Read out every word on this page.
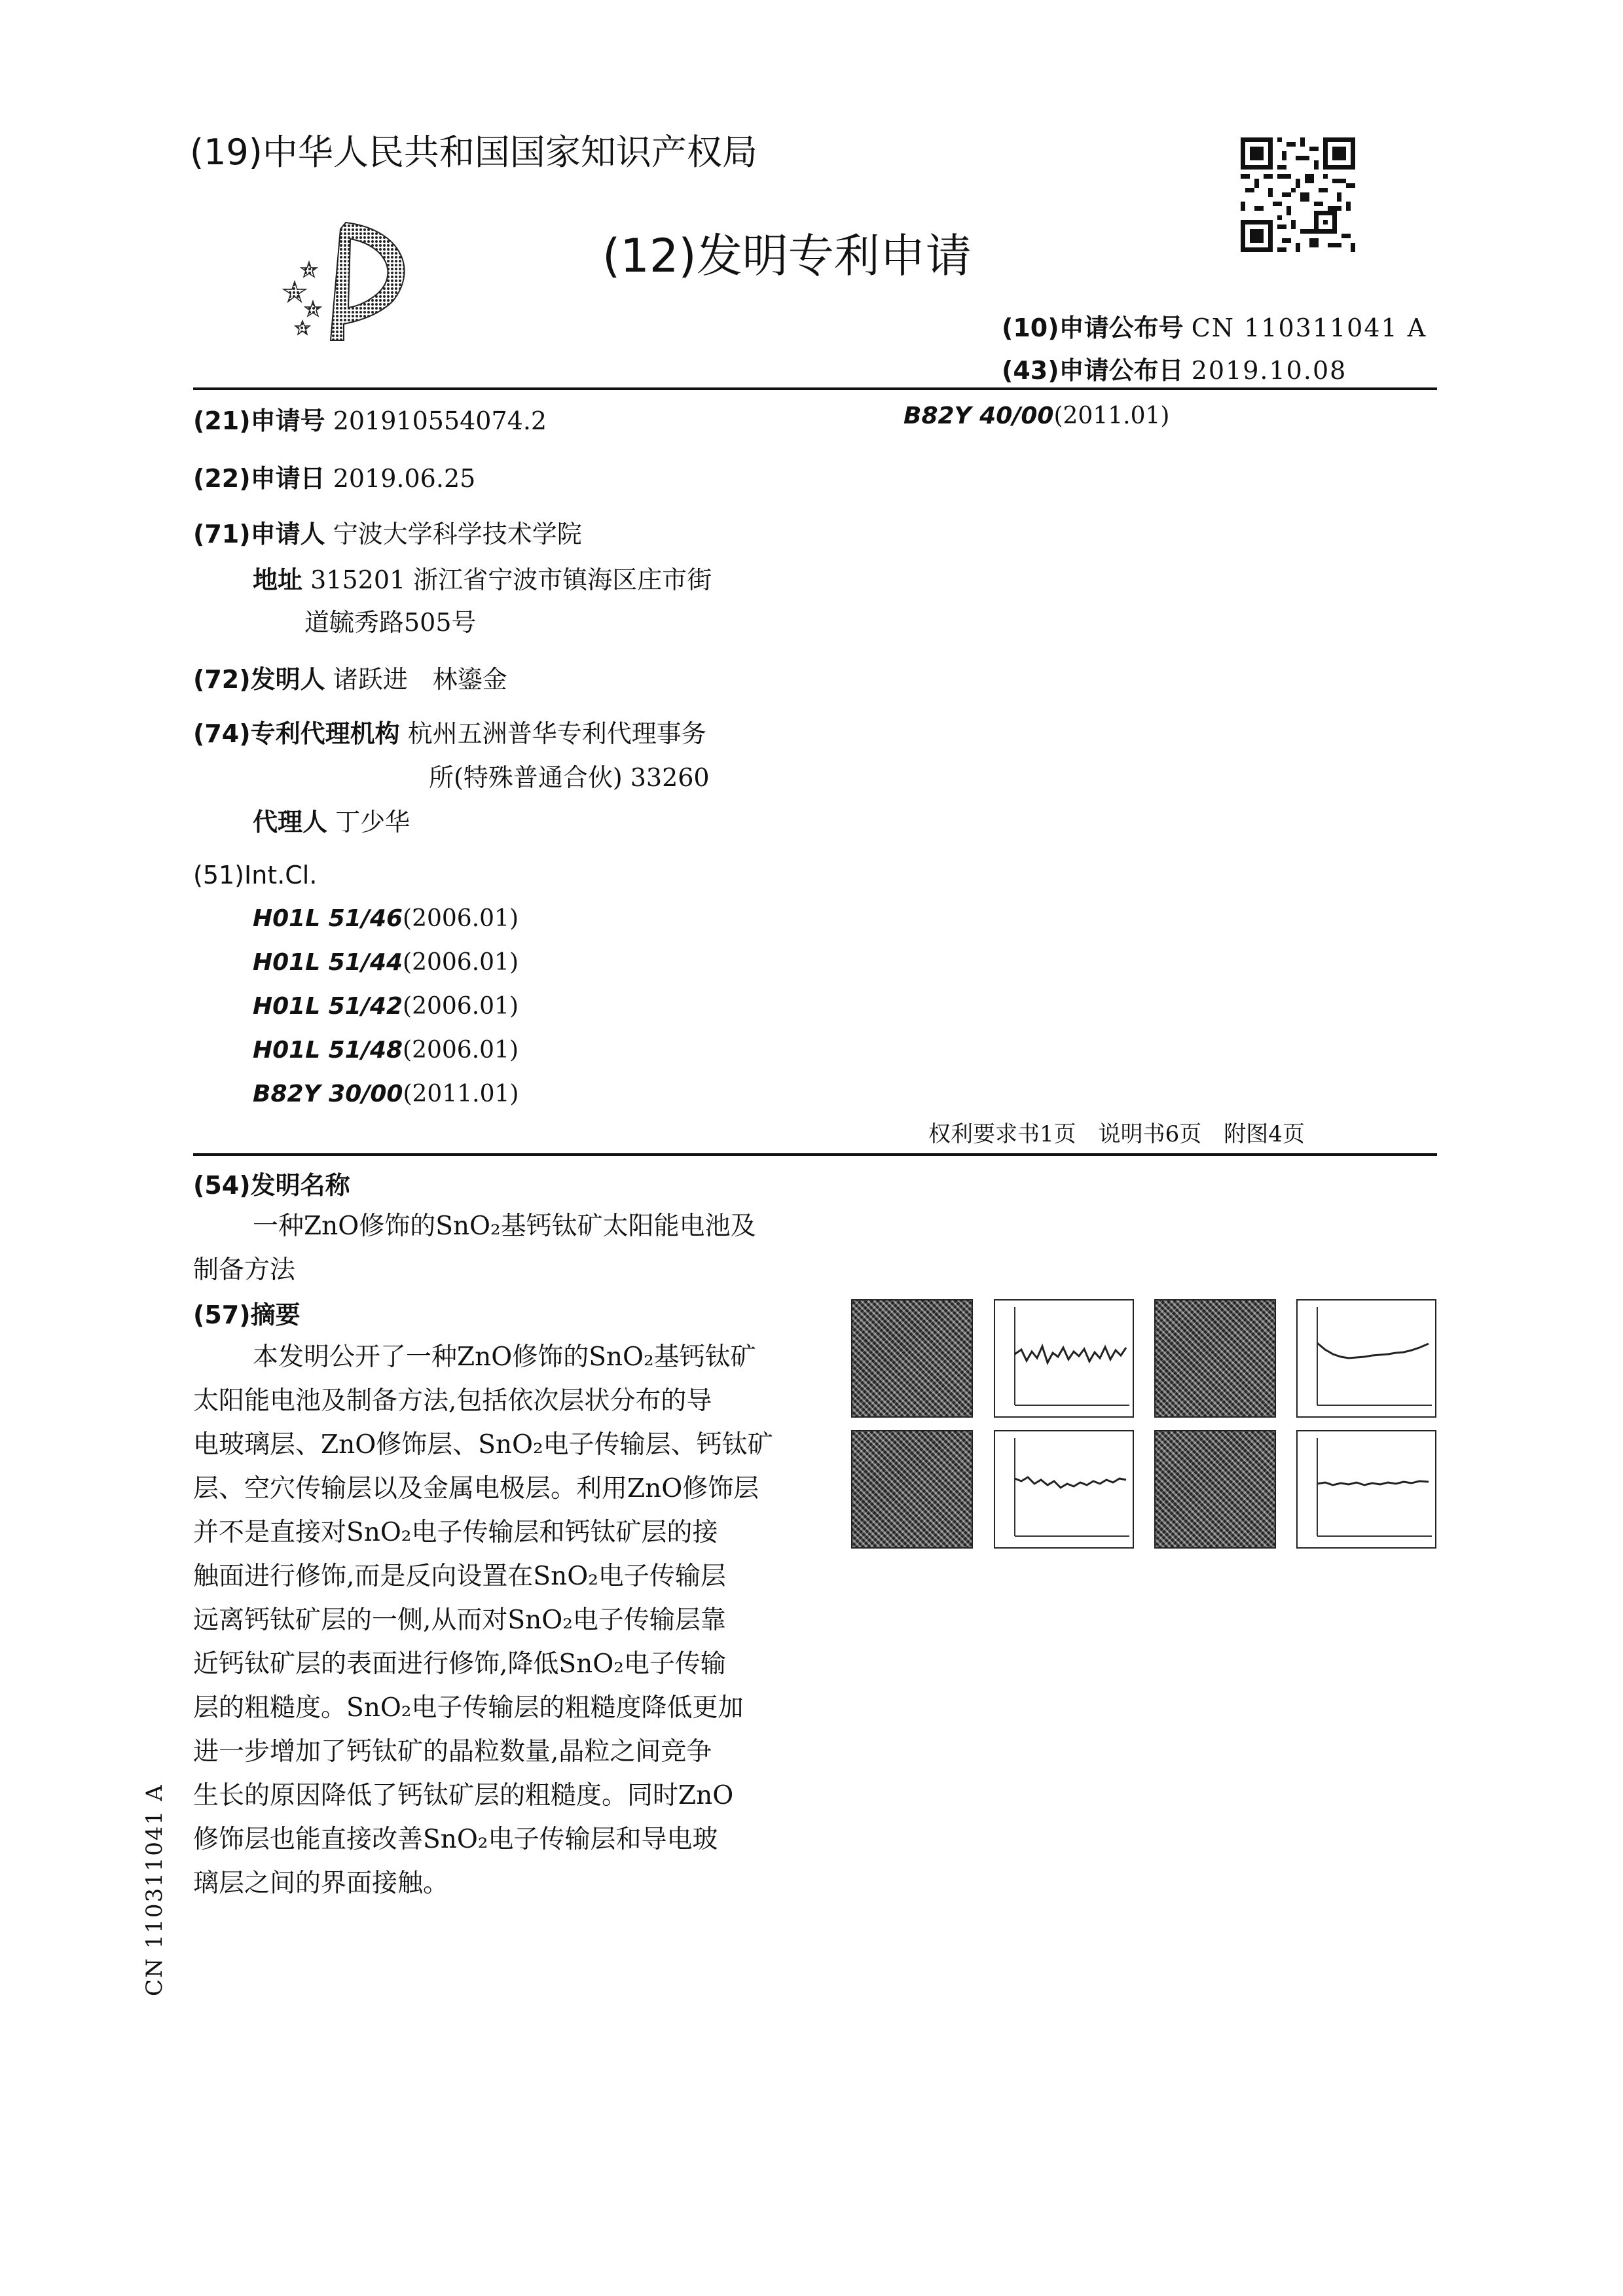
(19)中华人民共和国国家知识产权局
(12)发明专利申请
(10)申请公布号 CN 110311041 A
(43)申请公布日 2019.10.08
(21)申请号 201910554074.2	B82Y 40/00(2011.01)
(22)申请日 2019.06.25
(71)申请人 宁波大学科学技术学院
地址 315201 浙江省宁波市镇海区庄市街
道毓秀路505号
(72)发明人 诸跃进　林鎏金
(74)专利代理机构 杭州五洲普华专利代理事务
所(特殊普通合伙) 33260
代理人 丁少华
(51)Int.Cl.
H01L 51/46(2006.01)
H01L 51/44(2006.01)
H01L 51/42(2006.01)
H01L 51/48(2006.01)
B82Y 30/00(2011.01)
权利要求书1页　说明书6页　附图4页
(54)发明名称
一种ZnO修饰的SnO₂基钙钛矿太阳能电池及
制备方法
(57)摘要
本发明公开了一种ZnO修饰的SnO₂基钙钛矿
太阳能电池及制备方法,包括依次层状分布的导
电玻璃层、ZnO修饰层、SnO₂电子传输层、钙钛矿
层、空穴传输层以及金属电极层。利用ZnO修饰层
并不是直接对SnO₂电子传输层和钙钛矿层的接
触面进行修饰,而是反向设置在SnO₂电子传输层
远离钙钛矿层的一侧,从而对SnO₂电子传输层靠
近钙钛矿层的表面进行修饰,降低SnO₂电子传输
层的粗糙度。SnO₂电子传输层的粗糙度降低更加
进一步增加了钙钛矿的晶粒数量,晶粒之间竞争
生长的原因降低了钙钛矿层的粗糙度。同时ZnO
修饰层也能直接改善SnO₂电子传输层和导电玻
璃层之间的界面接触。
CN 110311041 A
